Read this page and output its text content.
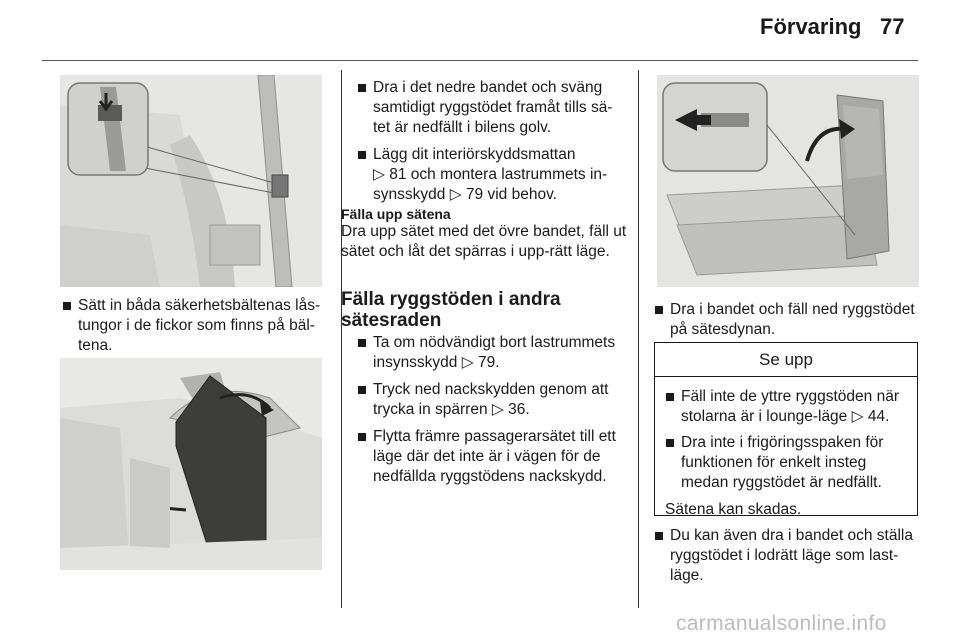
Förvaring 77
Sätt in båda säkerhetsbältenas lås-tungor i de fickor som finns på bäl-tena.
Dra i det nedre bandet och sväng samtidigt ryggstödet framåt tills sä-tet är nedfällt i bilens golv.
Lägg dit interiörskyddsmattan
▷ 81 och montera lastrummets in-synsskydd ▷ 79 vid behov.
Fälla upp sätena
Dra upp sätet med det övre bandet, fäll ut sätet och låt det spärras i upp-rätt läge.
Fälla ryggstöden i andra sätesraden
Ta om nödvändigt bort lastrummets insynsskydd ▷ 79.
Tryck ned nackskydden genom att trycka in spärren ▷ 36.
Flytta främre passagerarsätet till ett läge där det inte är i vägen för de nedfällda ryggstödens nackskydd.
Dra i bandet och fäll ned ryggstödet på sätesdynan.
Se upp
Fäll inte de yttre ryggstöden när stolarna är i lounge-läge ▷ 44.
Dra inte i frigöringsspaken för funktionen för enkelt insteg medan ryggstödet är nedfällt.
Sätena kan skadas.
Du kan även dra i bandet och ställa ryggstödet i lodrätt läge som last-läge.
carmanualsonline.info
